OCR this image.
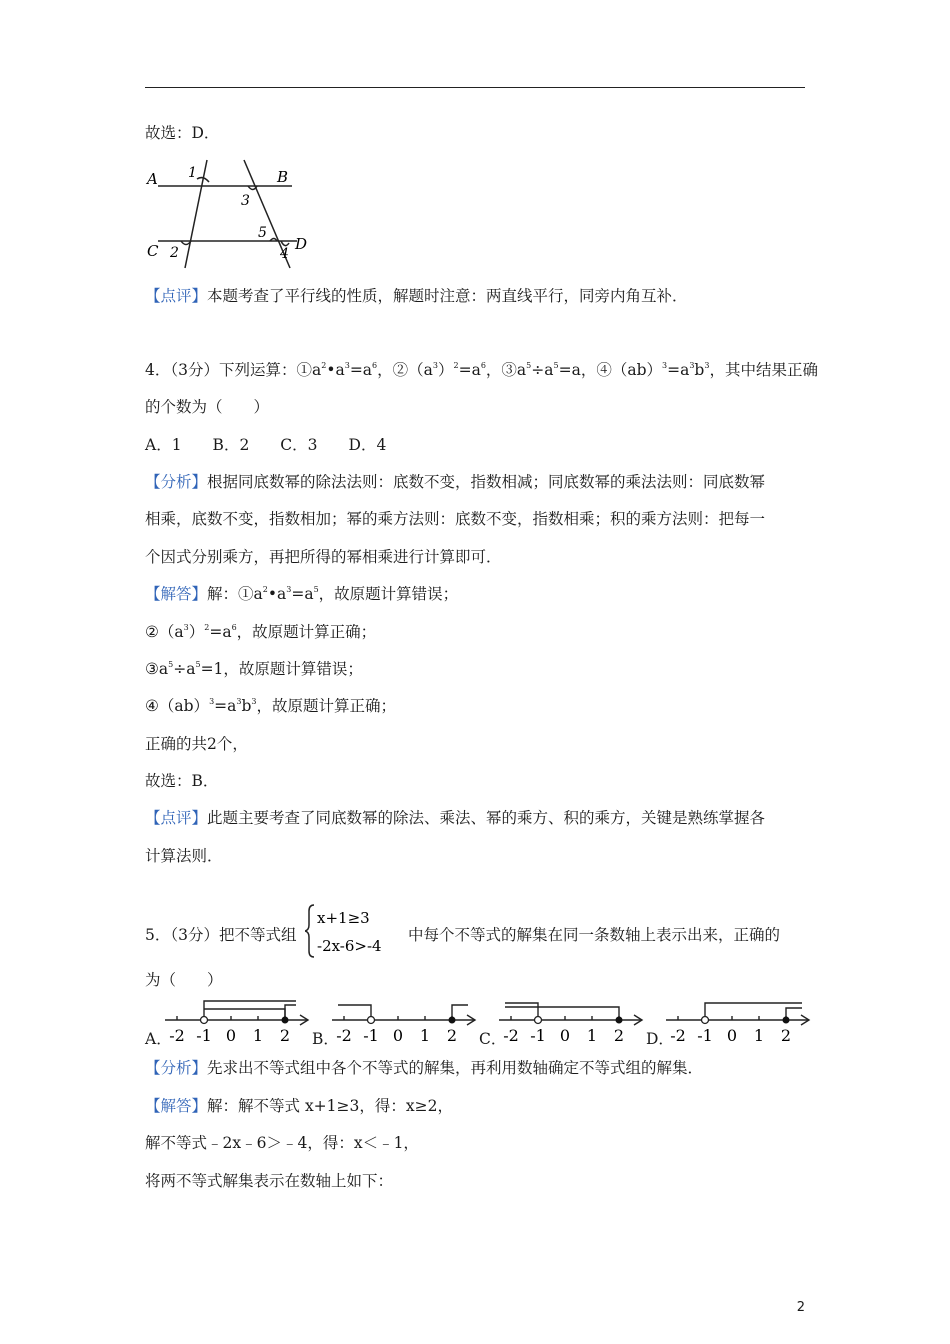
故选：D．
A	B
C	D
1
2
3
4
5
【点评】本题考查了平行线的性质，解题时注意：两直线平行，同旁内角互补．
4．（3分）下列运算：$①a^2•a^3=a^6$，$②(a^3)^2=a^6$，$③a^5\div a^5=a$，$④(ab)^3=a^3b^3$，其中结果正确
的个数为（　　）
A．1　　B．2　　C．3　　D．4
【分析】根据同底数幂的除法法则：底数不变，指数相减；同底数幂的乘法法则：同底数幂
相乘，底数不变，指数相加；幂的乘方法则：底数不变，指数相乘；积的乘方法则：把每一
个因式分别乘方，再把所得的幂相乘进行计算即可．
【解答】解：$①a^2•a^3=a^5$，故原题计算错误；
$②(a^3)^2=a^6$，故原题计算正确；
$③a^5\div a^5=1$，故原题计算错误；
$④(ab)^3=a^3b^3$，故原题计算正确；
正确的共2个，
故选：B．
【点评】此题主要考查了同底数幂的除法、乘法、幂的乘方、积的乘方，关键是熟练掌握各
计算法则．
5．（3分）把不等式组
x+1≥3
-2x-6>-4
中每个不等式的解集在同一条数轴上表示出来，正确的
为（　　）
A．	B．	C．	D．
-2 -1 0 1 2	-2 -1 0 1 2	-2 -1 0 1 2	-2 -1 0 1 2
【分析】先求出不等式组中各个不等式的解集，再利用数轴确定不等式组的解集．
【解答】解：解不等式 x+1≥3，得：x≥2，
解不等式﹣2x﹣6＞﹣4，得：x＜﹣1，
将两不等式解集表示在数轴上如下：
2
